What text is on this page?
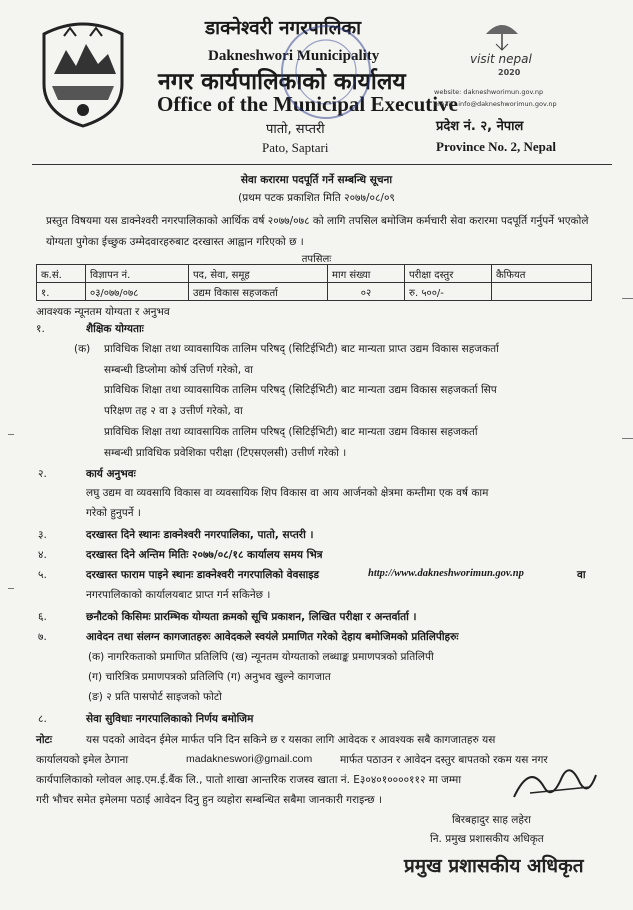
visit nepal
2020
डाक्नेश्वरी नगरपालिका
Dakneshwori Municipality
नगर कार्यपालिकाको कार्यालय
Office of the Municipal Executive
पातो, सप्तरी
Pato, Saptari
website: dakneshworimun.gov.np
email : info@dakneshworimun.gov.np
प्रदेश नं. २, नेपाल
Province No. 2, Nepal
सेवा करारमा पदपूर्ति गर्ने सम्बन्धि सूचना
(प्रथम पटक प्रकाशित मिति २०७७/०८/०९
प्रस्तुत विषयमा यस डाक्नेश्वरी नगरपालिकाको आर्थिक वर्ष २०७७/०७८ को लागि तपसिल बमोजिम कर्मचारी सेवा करारमा पदपूर्ति गर्नुपर्ने भएकोले योग्यता पुगेका ईच्छुक उम्मेदवारहरुबाट दरखास्त आह्वान गरिएको छ ।
तपसिलः
क.सं.	विज्ञापन नं.	पद, सेवा, समूह	माग संख्या	परीक्षा दस्तुर	कैफियत
१.	०३/०७७/०७८	उद्यम विकास सहजकर्ता	०२	रु. ५००/-	
आवश्यक न्यूनतम योग्यता र अनुभव
१.	शैक्षिक योग्यताः
(क) प्राविधिक शिक्षा तथा व्यावसायिक तालिम परिषद् (सिटिईभिटी) बाट मान्यता प्राप्त उद्यम विकास सहजकर्ता
सम्बन्धी डिप्लोमा कोर्ष उत्तिर्ण गरेको, वा
प्राविधिक शिक्षा तथा व्यावसायिक तालिम परिषद् (सिटिईभिटी) बाट मान्यता उद्यम विकास सहजकर्ता सिप
परिक्षण तह २ वा ३ उत्तीर्ण गरेको, वा
प्राविधिक शिक्षा तथा व्यावसायिक तालिम परिषद् (सिटिईभिटी) बाट मान्यता उद्यम विकास सहजकर्ता
सम्बन्धी प्राविधिक प्रवेशिका परीक्षा (टिएसएलसी) उत्तीर्ण गरेको ।
२.	कार्य अनुभवः
लघु उद्यम वा व्यवसायि विकास वा व्यवसायिक शिप विकास वा आय आर्जनको क्षेत्रमा कम्तीमा एक वर्ष काम
गरेको हुनुपर्ने ।
३.	दरखास्त दिने स्थानः डाक्नेश्वरी नगरपालिका, पातो, सप्तरी ।
४.	दरखास्त दिने अन्तिम मितिः २०७७/०८/१८ कार्यालय समय भित्र
५.	दरखास्त फाराम पाइने स्थानः डाक्नेश्वरी नगरपालिको वेवसाइड	http://www.dakneshworimun.gov.np	वा
नगरपालिकाको कार्यालयबाट प्राप्त गर्न सकिनेछ ।
६.	छनौटको किसिमः प्रारम्भिक योग्यता क्रमको सूचि प्रकाशन, लिखित परीक्षा र अन्तर्वार्ता ।
७.	आवेदन तथा संलग्न कागजातहरुः आवेदकले स्वयंले प्रमाणित गरेको देहाय बमोजिमको प्रतिलिपीहरुः
(क) नागरिकताको प्रमाणित प्रतिलिपि (ख) न्यूनतम योग्यताको लब्धाङ्क प्रमाणपत्रको प्रतिलिपी
(ग) चारित्रिक प्रमाणपत्रको प्रतिलिपि (ग) अनुभव खुल्ने कागजात
(ङ) २ प्रति पासपोर्ट साइजको फोटो
८.	सेवा सुविधाः नगरपालिकाको निर्णय बमोजिम
नोटः	यस पदको आवेदन ईमेल मार्फत पनि दिन सकिने छ र यसका लागि आवेदक र आवश्यक सबै कागजातहरु यस
कार्यालयको इमेल ठेगाना	madakneswori@gmail.com	मार्फत पठाउन र आवेदन दस्तुर बापतको रकम यस नगर
कार्यपालिकाको ग्लोवल आइ.एम.ई.बैंक लि., पातो शाखा आन्तरिक राजस्व खाता नं. E३०४०१००००११२ मा जम्मा
गरी भौचर समेत इमेलमा पठाई आवेदन दिनु हुन व्यहोरा सम्बन्धित सबैमा जानकारी गराइन्छ ।
बिरबहादुर साह लहेरा
नि. प्रमुख प्रशासकीय अधिकृत
प्रमुख प्रशासकीय अधिकृत
